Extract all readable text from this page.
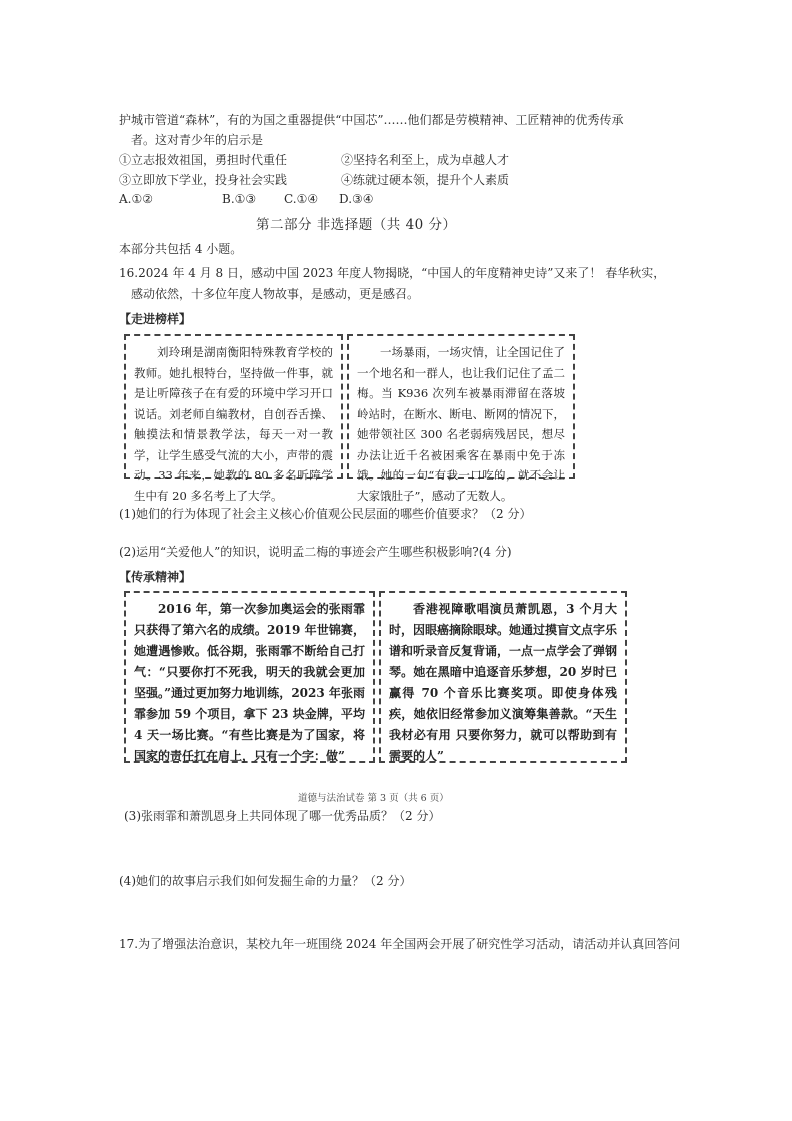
护城市管道“森林”，有的为国之重器提供“中国芯”……他们都是劳模精神、工匠精神的优秀传承
者。这对青少年的启示是
①立志报效祖国，勇担时代重任	②坚持名利至上，成为卓越人才
③立即放下学业，投身社会实践	④练就过硬本领，提升个人素质
A.①②	B.①③ C.①④ D.③④
第二部分 非选择题（共 40 分）
本部分共包括 4 小题。
16.2024 年 4 月 8 日，感动中国 2023 年度人物揭晓，“中国人的年度精神史诗”又来了！ 春华秋实，
感动依然，十多位年度人物故事，是感动，更是感召。
【走进榜样】

刘玲琍是湖南衡阳特殊教育学校的教师。她扎根特台，坚持做一件事，就是让听障孩子在有爱的环境中学习开口说话。刘老师自编教材，自创吞舌操、触摸法和情景教学法，每天一对一教学，让学生感受气流的大小，声带的震动。33 年来，她教的 80 多名听障学生中有 20 多名考上了大学。

一场暴雨，一场灾情，让全国记住了一个地名和一群人，也让我们记住了孟二梅。当 K936 次列车被暴雨滞留在落坡岭站时，在断水、断电、断网的情况下，她带领社区 300 名老弱病残居民，想尽办法让近千名被困乘客在暴雨中免于冻饿。她的一句“有我一口吃的，就不会让大家饿肚子”，感动了无数人。

(1)她们的行为体现了社会主义核心价值观公民层面的哪些价值要求？（2 分）
(2)运用“关爱他人”的知识，说明孟二梅的事迹会产生哪些积极影响?(4 分)
【传承精神】

2016 年，第一次参加奥运会的张雨霏只获得了第六名的成绩。2019 年世锦赛，她遭遇惨败。低谷期，张雨霏不断给自己打气：“只要你打不死我，明天的我就会更加坚强。”通过更加努力地训练，2023 年张雨霏参加 59 个项目，拿下 23 块金牌，平均 4 天一场比赛。“有些比赛是为了国家，将国家的责任扛在肩上，只有一个字：做”

香港视障歌唱演员萧凯恩，3 个月大时，因眼癌摘除眼球。她通过摸盲文点字乐谱和听录音反复背诵，一点一点学会了弹钢琴。她在黑暗中追逐音乐梦想，20 岁时已赢得 70 个音乐比赛奖项。即使身体残疾，她依旧经常参加义演筹集善款。“天生我材必有用 只要你努力，就可以帮助到有需要的人”

道德与法治试卷 第 3 页（共 6 页）
(3)张雨霏和萧凯恩身上共同体现了哪一优秀品质？（2 分）
(4)她们的故事启示我们如何发掘生命的力量？（2 分）
17.为了增强法治意识，某校九年一班围绕 2024 年全国两会开展了研究性学习活动，请活动并认真回答问
